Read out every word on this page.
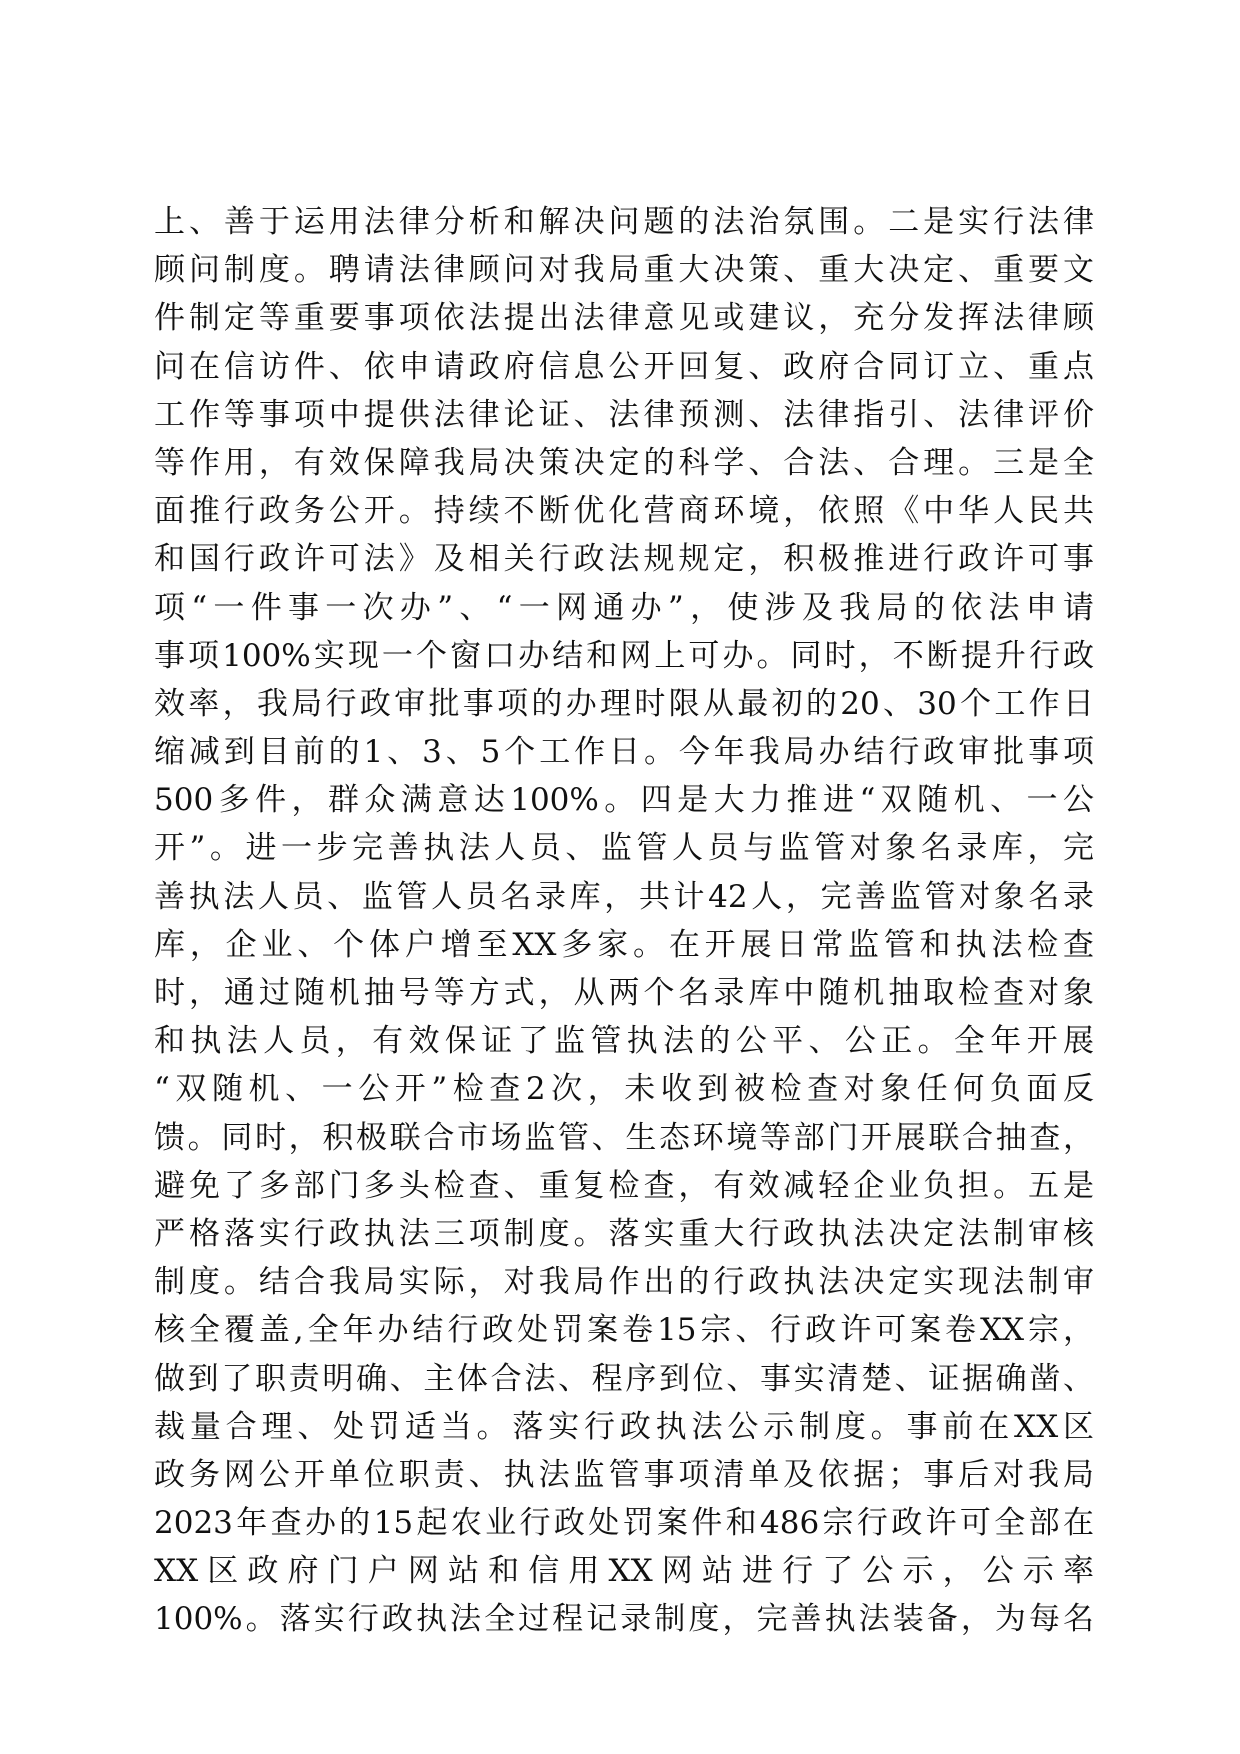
上、善于运用法律分析和解决问题的法治氛围。二是实行法律
顾问制度。聘请法律顾问对我局重大决策、重大决定、重要文
件制定等重要事项依法提出法律意见或建议，充分发挥法律顾
问在信访件、依申请政府信息公开回复、政府合同订立、重点
工作等事项中提供法律论证、法律预测、法律指引、法律评价
等作用，有效保障我局决策决定的科学、合法、合理。三是全
面推行政务公开。持续不断优化营商环境，依照《中华人民共
和国行政许可法》及相关行政法规规定，积极推进行政许可事
项“一件事一次办”、“一网通办”，使涉及我局的依法申请
事项100%实现一个窗口办结和网上可办。同时，不断提升行政
效率，我局行政审批事项的办理时限从最初的20、30个工作日
缩减到目前的1、3、5个工作日。今年我局办结行政审批事项
500多件，群众满意达100%。四是大力推进“双随机、一公
开”。进一步完善执法人员、监管人员与监管对象名录库，完
善执法人员、监管人员名录库，共计42人，完善监管对象名录
库，企业、个体户增至XX多家。在开展日常监管和执法检查
时，通过随机抽号等方式，从两个名录库中随机抽取检查对象
和执法人员，有效保证了监管执法的公平、公正。全年开展
“双随机、一公开”检查2次，未收到被检查对象任何负面反
馈。同时，积极联合市场监管、生态环境等部门开展联合抽查，
避免了多部门多头检查、重复检查，有效减轻企业负担。五是
严格落实行政执法三项制度。落实重大行政执法决定法制审核
制度。结合我局实际，对我局作出的行政执法决定实现法制审
核全覆盖,全年办结行政处罚案卷15宗、行政许可案卷XX宗，
做到了职责明确、主体合法、程序到位、事实清楚、证据确凿、
裁量合理、处罚适当。落实行政执法公示制度。事前在XX区
政务网公开单位职责、执法监管事项清单及依据；事后对我局
2023年查办的15起农业行政处罚案件和486宗行政许可全部在
XX区政府门户网站和信用XX网站进行了公示，公示率
100%。落实行政执法全过程记录制度，完善执法装备，为每名
